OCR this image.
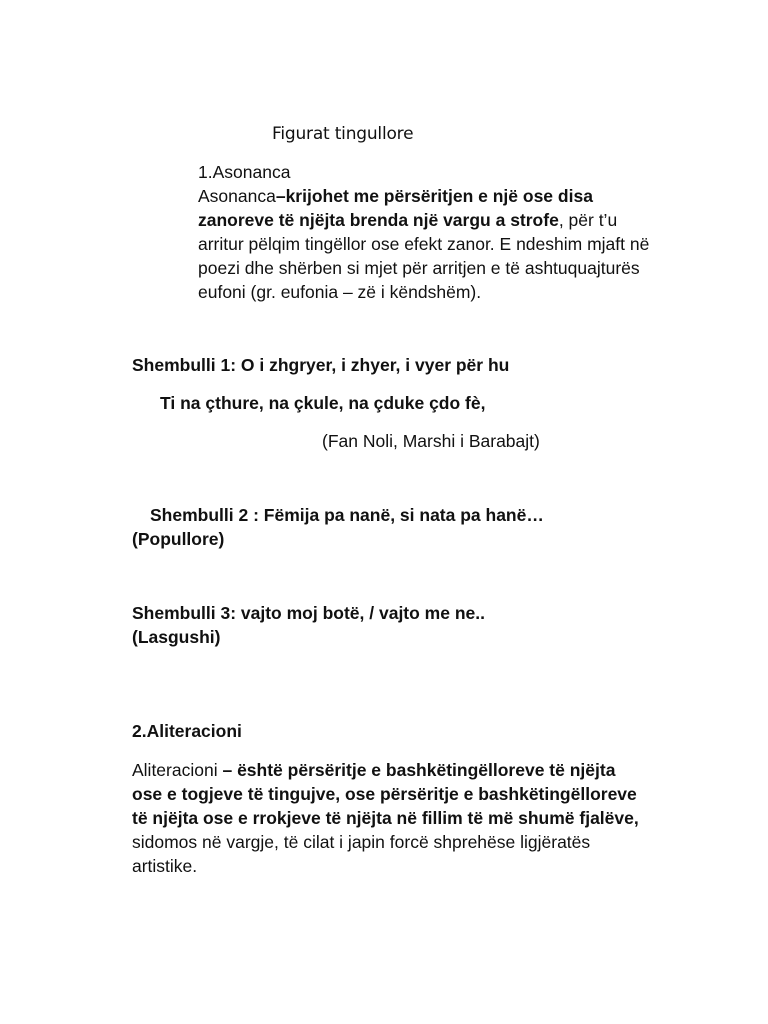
Figurat tingullore
1.Asonanca
Asonanca–krijohet me përsëritjen e një ose disa zanoreve të njëjta brenda një vargu a strofe, për t’u arritur pëlqim tingëllor ose efekt zanor. E ndeshim mjaft në poezi dhe shërben si mjet për arritjen e të ashtuquajturës eufoni (gr. eufonia – zë i këndshëm).
Shembulli 1: O i zhgryer, i zhyer, i vyer për hu
Ti na çthure, na çkule, na çduke çdo fè,
(Fan Noli, Marshi i Barabajt)
Shembulli 2 : Fëmija pa nanë, si nata pa hanë…
(Popullore)
Shembulli 3: vajto moj botë, / vajto me ne..
(Lasgushi)
2.Aliteracioni
Aliteracioni – është përsëritje e bashkëtingëlloreve të njëjta ose e togjeve të tingujve, ose përsëritje e bashkëtingëlloreve të njëjta ose e rrokjeve të njëjta në fillim të më shumë fjalëve, sidomos në vargje, të cilat i japin forcë shprehëse ligjëratës artistike.
